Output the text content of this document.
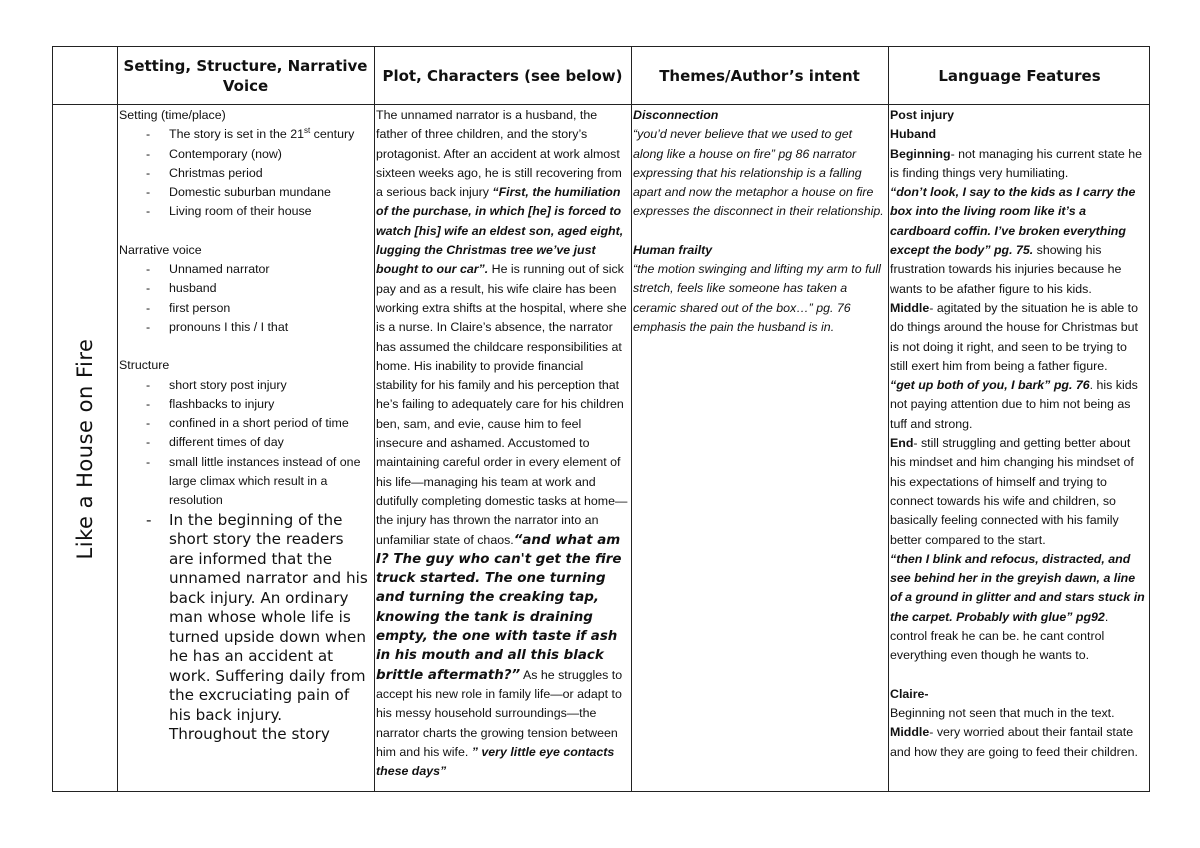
Setting, Structure, Narrative Voice
Plot, Characters (see below)	Themes/Author’s intent	Language Features
Like a House on Fire

Setting (time/place)

- The story is set in the 21st century
- Contemporary (now)
- Christmas period
- Domestic suburban mundane
- Living room of their house

Narrative voice

- Unnamed narrator
- husband
- first person
- pronouns I this / I that

Structure

- short story post injury
- flashbacks to injury
- confined in a short period of time
- different times of day
- small little instances instead of one large climax which result in a resolution
- In the beginning of the short story the readers are informed that the unnamed narrator and his back injury. An ordinary man whose whole life is turned upside down when he has an accident at work. Suffering daily from the excruciating pain of his back injury. Throughout the story

The unnamed narrator is a husband, the father of three children, and the story’s protagonist. After an accident at work almost sixteen weeks ago, he is still recovering from a serious back injury “First, the humiliation of the purchase, in which [he] is forced to watch [his] wife an eldest son, aged eight, lugging the Christmas tree we’ve just bought to our car”. He is running out of sick pay and as a result, his wife claire has been working extra shifts at the hospital, where she is a nurse. In Claire’s absence, the narrator has assumed the childcare responsibilities at home. His inability to provide financial stability for his family and his perception that he’s failing to adequately care for his children ben, sam, and evie, cause him to feel insecure and ashamed. Accustomed to maintaining careful order in every element of his life—managing his team at work and dutifully completing domestic tasks at home—the injury has thrown the narrator into an unfamiliar state of chaos.“and what am I? The guy who can't get the fire truck started. The one turning and turning the creaking tap, knowing the tank is draining empty, the one with taste if ash in his mouth and all this black brittle aftermath?” As he struggles to accept his new role in family life—or adapt to his messy household surroundings—the narrator charts the growing tension between him and his wife. ” very little eye contacts these days”

Disconnection

“you’d never believe that we used to get along like a house on fire” pg 86 narrator expressing that his relationship is a falling apart and now the metaphor a house on fire expresses the disconnect in their relationship.

Human frailty

“the motion swinging and lifting my arm to full stretch, feels like someone has taken a ceramic shared out of the box…” pg. 76 emphasis the pain the husband is in.

Post injury

Huband

Beginning- not managing his current state he is finding things very humiliating.

“don’t look, I say to the kids as I carry the box into the living room like it’s a cardboard coffin. I’ve broken everything except the body” pg. 75. showing his frustration towards his injuries because he wants to be afather figure to his kids.

Middle- agitated by the situation he is able to do things around the house for Christmas but is not doing it right, and seen to be trying to still exert him from being a father figure.

“get up both of you, I bark” pg. 76. his kids not paying attention due to him not being as tuff and strong.

End- still struggling and getting better about his mindset and him changing his mindset of his expectations of himself and trying to connect towards his wife and children, so basically feeling connected with his family better compared to the start.

“then I blink and refocus, distracted, and see behind her in the greyish dawn, a line of a ground in glitter and and stars stuck in the carpet. Probably with glue” pg92. control freak he can be. he cant control everything even though he wants to.

Claire-

Beginning not seen that much in the text.

Middle- very worried about their fantail state and how they are going to feed their children.
